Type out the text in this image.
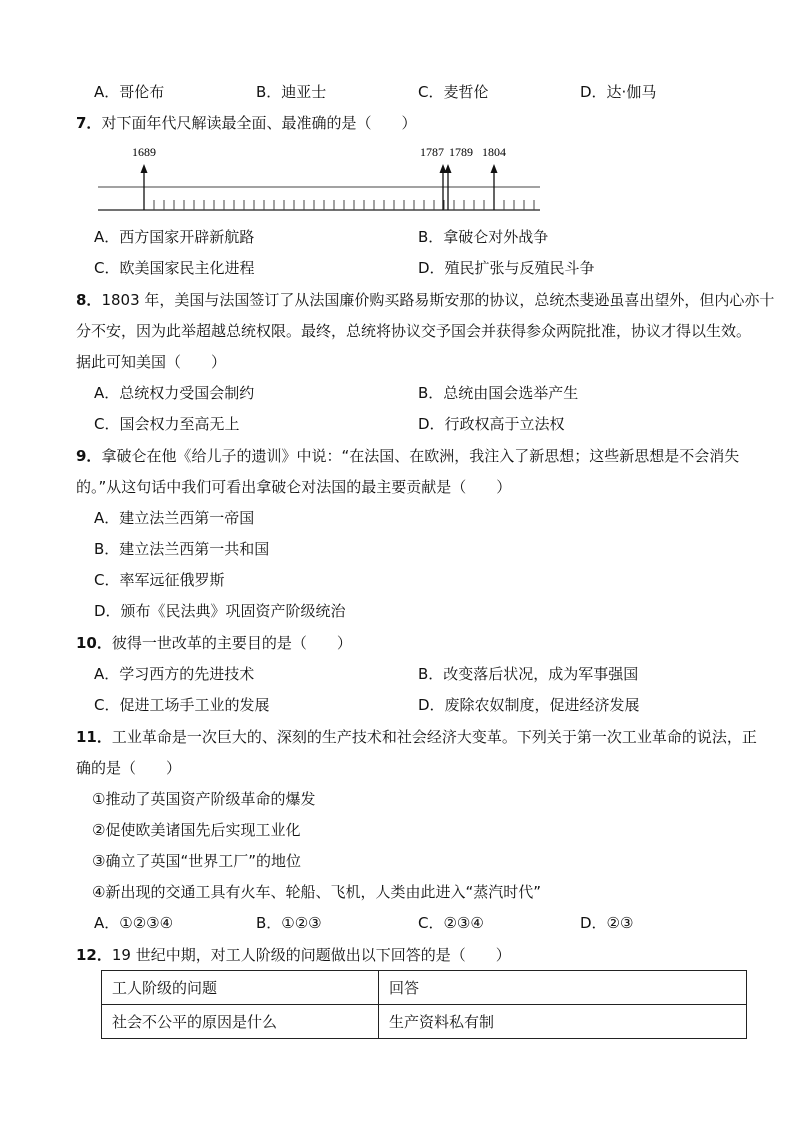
A．哥伦布	B．迪亚士	C．麦哲伦	D．达·伽马
7．对下面年代尺解读最全面、最准确的是（　　）
1689	1787 1789 1804
A．西方国家开辟新航路	B．拿破仑对外战争
C．欧美国家民主化进程	D．殖民扩张与反殖民斗争
8．1803 年，美国与法国签订了从法国廉价购买路易斯安那的协议，总统杰斐逊虽喜出望外，但内心亦十
分不安，因为此举超越总统权限。最终，总统将协议交予国会并获得参众两院批准，协议才得以生效。
据此可知美国（　　）
A．总统权力受国会制约	B．总统由国会选举产生
C．国会权力至高无上	D．行政权高于立法权
9．拿破仑在他《给儿子的遗训》中说：“在法国、在欧洲，我注入了新思想；这些新思想是不会消失
的。”从这句话中我们可看出拿破仑对法国的最主要贡献是（　　）
A．建立法兰西第一帝国
B．建立法兰西第一共和国
C．率军远征俄罗斯
D．颁布《民法典》巩固资产阶级统治
10．彼得一世改革的主要目的是（　　）
A．学习西方的先进技术	B．改变落后状况，成为军事强国
C．促进工场手工业的发展	D．废除农奴制度，促进经济发展
11．工业革命是一次巨大的、深刻的生产技术和社会经济大变革。下列关于第一次工业革命的说法，正
确的是（　　）
①推动了英国资产阶级革命的爆发
②促使欧美诸国先后实现工业化
③确立了英国“世界工厂”的地位
④新出现的交通工具有火车、轮船、飞机，人类由此进入“蒸汽时代”
A．①②③④	B．①②③	C．②③④	D．②③
12．19 世纪中期，对工人阶级的问题做出以下回答的是（　　）
工人阶级的问题	回答
社会不公平的原因是什么	生产资料私有制
